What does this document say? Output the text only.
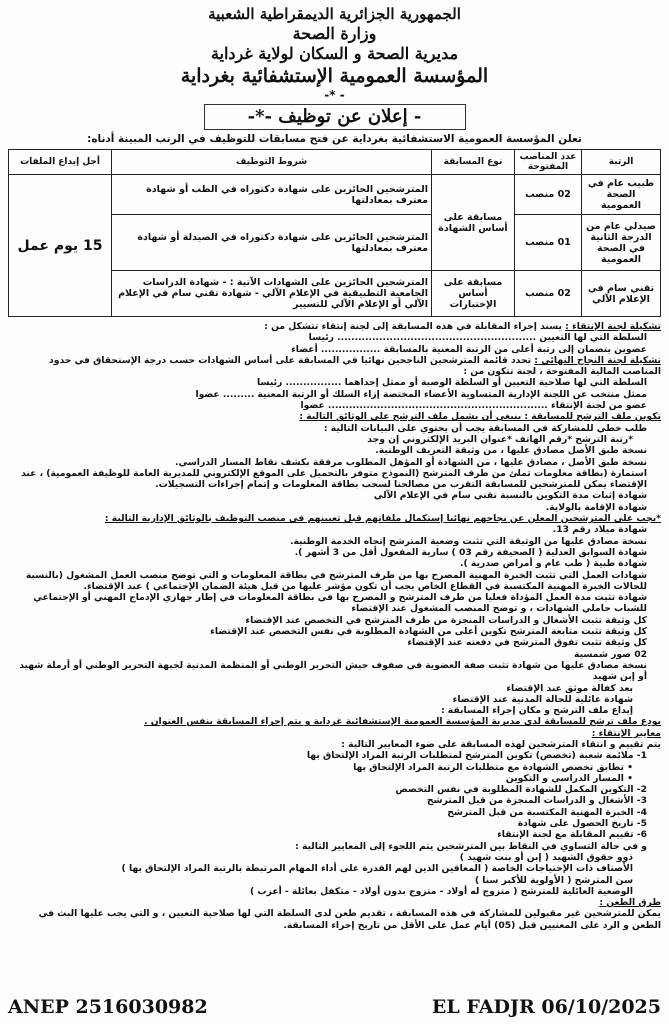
الجمهورية الجزائرية الديمقراطية الشعبية
وزارة الصحة
مديرية الصحة و السكان لولاية غرداية
المؤسسة العمومية الإستشفائية بغرداية
- *-
- إعلان عن توظيف -*-
تعلن المؤسسة العمومية الاستشفائية بغرداية عن فتح مسابقات للتوظيف في الرتب المبينة أدناه:
الرتبة	عدد المناصب المفتوحة	نوع المسابقة	شروط التوظيف	أجل إيداع الملفات
طبيب عام في الصحة العمومية	02 منصب	مسابقة على أساس الشهادة	المترشحين الحائزين على شهادة دكتوراه في الطب أو شهادة معترف بمعادلتها	15 يوم عمل
صيدلي عام من الدرجة الثانية في الصحة العمومية	01 منصب		المترشحين الحائزين على شهادة دكتوراه في الصيدلة أو شهادة معترف بمعادلتها	
تقني سام في الإعلام الآلي	02 منصب	مسابقة على أساس الإختبارات	المترشحين الحائزين على الشهادات الآتية : - شهادة الدراسات الجامعية التطبيقية في الإعلام الآلي - شهادة تقني سام في الإعلام الآلي أو الإعلام الآلي للتسيير	

تشكيلة لجنة الإنتقاء : يسند إجراء المقابلة في هذه المسابقة إلى لجنة إنتقاء تتشكل من :

السلطة التي لها التعيين ......................................................... رئيسا

عضوين يتضمان إلى رتبة أعلى من الرتبة المعنية بالمسابقة ................. أعضاء

تشكيلة لجنة النجاح النهائي : تحدد قائمة المترشحين الناجحين نهائيا في المسابقة على أساس الشهادات حسب درجة الإستحقاق في حدود المناصب المالية المفتوحة ، لجنة تتكون من :

السلطة التي لها صلاحية التعيين أو السلطة الوصية أو ممثل إحداهما ................ رئيسا

ممثل منتخب عن اللجنة الإدارية المتساوية الأعضاء المختصة إزاء السلك أو الرتبة المعنية ......... عضوا

عضو من لجنة الإنتقاء ............................................................... عضوا

تكوين ملف الترشح للمسابقة : ينبغي أن يشمل ملف الترشح على الوثائق التالية :

طلب خطي للمشاركة في المسابقة يجب أن يحتوي على البيانات التالية :

*رتبة الترشح *رقم الهاتف *عنوان البريد الإلكتروني إن وجد

نسخة طبق الأصل مصادق عليها ، من وثيقة التعريف الوطنية.

نسخة طبق الأصل ، مصادق عليها ، من الشهادة أو المؤهل المطلوب مرفقة بكشف نقاط المسار الدراسي.

استمارة (بطاقة معلومات تملئ من طرف المترشح (النموذج متوفر بالتحميل على الموقع الإلكتروني للمديرية العامة للوظيفة العمومية) ، عند الإقتضاء يمكن للمترشحين للمسابقة التقرب من مصالحنا لسحب بطاقة المعلومات و إتمام إجراءات التسجيلات.

شهادة إثبات مدة التكوين بالنسبة تقني سام في الإعلام الآلي

شهادة الإقامة بالولاية.

*يجب على المترشحين المعلن عن نجاحهم نهائيا إستكمال ملفاتهم قبل تعيينهم في منصب التوظيف بالوثائق الإدارية التالية :

شهادة ميلاد رقم 13.

نسخة مصادق عليها من الوثيقة التي تثبت وضعية المترشح إتجاه الخدمة الوطنية.

شهادة السوابق العدلية ( الصحيفة رقم 03 ) سارية المفعول أقل من 3 أشهر ).

شهادة طبية ( طب عام و أمراض صدرية ).

شهادات العمل التي تثبت الخبرة المهنية المصرح بها من طرف المترشح في بطاقة المعلومات و التي توضح منصب العمل المشغول (بالنسبة للحالات الخبرة المهنية المكتسبة في القطاع الخاص يجب أن تكون مؤشر عليها من قبل هيئة الضمان الإجتماعي ) عند الإقتضاء.

شهادة تثبت مدة العمل المؤداة فعليا من طرف المترشح و المصرح بها في بطاقة المعلومات في إطار جهازي الإدماج المهني أو الإجتماعي للشباب حاملي الشهادات ، و توضح المنصب المشغول عند الإقتضاء

كل وثيقة تثبت الأشغال و الدراسات المنجزة من طرف المترشح في التخصص عند الإقتضاء

كل وثيقة تثبت متابعة المترشح تكوين أعلى من الشهادة المطلوبة في نفس التخصص عند الإقتضاء

كل وثيقة تثبت تفوق المترشح في دفعته عند الإقتضاء

02 صور شمسية

نسخة مصادق عليها من شهادة تثبت صفة العضوية في صفوف جيش التحرير الوطني أو المنظمة المدنية لجبهة التحرير الوطني أو أرملة شهيد أو إبن شهيد

بعد كفالة موثق عند الإقتضاء

شهادة عائلية للحالة المدنية عند الإقتضاء

إيداع ملف الترشح و مكان إجراء المسابقة :

يودع ملف ترشح للمسابقة لدى مديرية المؤسسة العمومية الإستشفائية غرداية و يتم إجراء المسابقة بنفس العنوان .

معايير الإنتقاء :

يتم تقييم و انتقاء المترشحين لهذه المسابقة على ضوء المعايير التالية :

1- ملائمة شعبة (تخصص) تكوين المترشح لمتطلبات الرتبة المراد الإلتحاق بها

• تطابق تخصص الشهادة مع متطلبات الرتبة المراد الإلتحاق بها

• المسار الدراسي و التكوين

2- التكوين المكمل للشهادة المطلوبة في نفس التخصص

3- الأشغال و الدراسات المنجزة من قبل المترشح

4- الخبرة المهنية المكتسبة من قبل المترشح

5- تاريخ الحصول على شهادة

6- تقييم المقابلة مع لجنة الإنتقاء

و في حالة التساوي في النقاط بين المترشحين يتم اللجوء إلى المعايير التالية :

ذوو حقوق الشهيد ( إبن أو بنت شهيد )

الأصناف ذات الإحتياجات الخاصة ( المعاقين الذين لهم القدرة على أداء المهام المرتبطة بالرتبة المراد الإلتحاق بها )

سن المترشح ( الأولوية للأكبر سنا )

الوضعية العائلية للمترشح ( متزوج له أولاد - متزوج بدون أولاد - متكفل بعائلة - أعزب )

طرق الطعن :

يمكن للمترشحين غير مقبولين للمشاركة في هذه المسابقة ، تقديم طعن لدى السلطة التي لها صلاحية التعيين ، و التي يجب عليها البث في الطعن و الرد على المعنيين قبل (05) أيام عمل على الأقل من تاريخ إجراء المسابقة.

ANEP 2516030982	EL FADJR 06/10/2025
